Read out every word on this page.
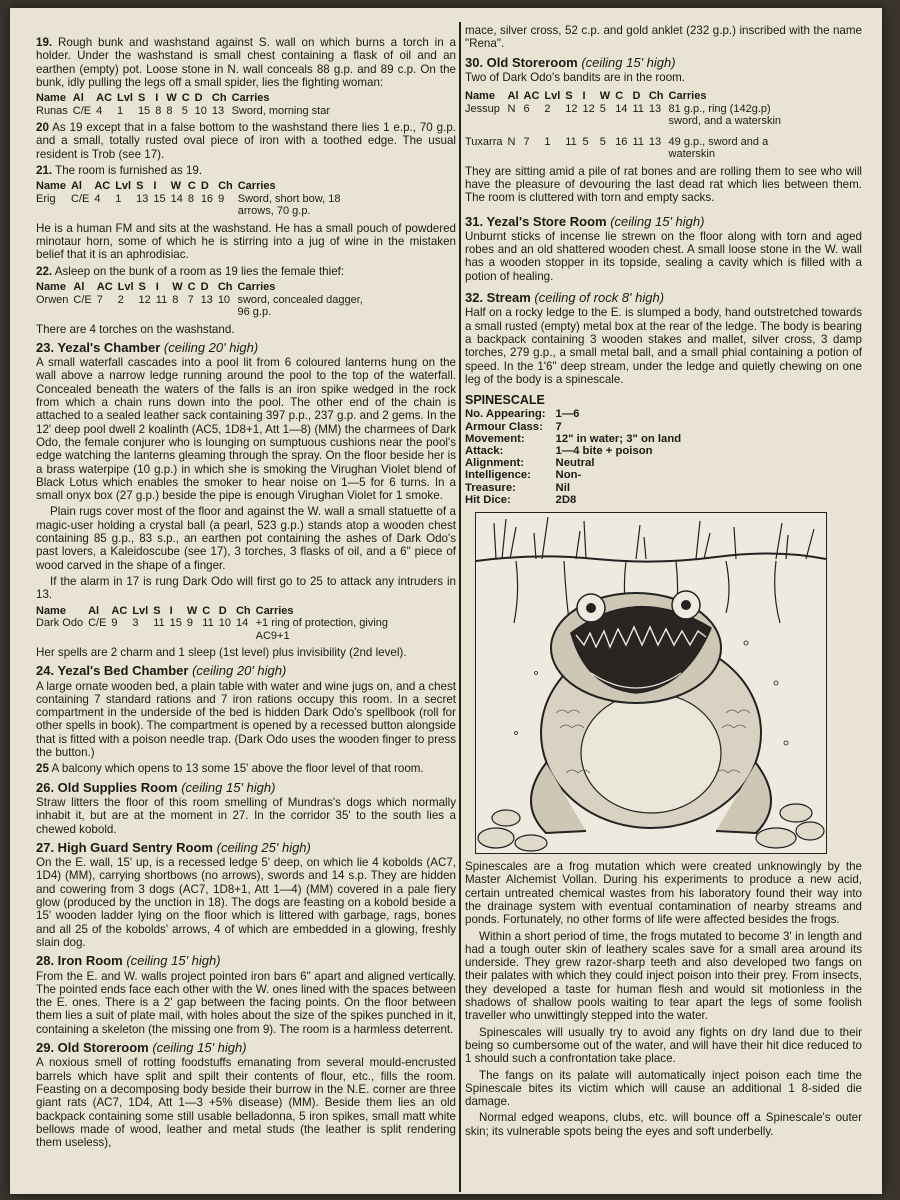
19. Rough bunk and washstand against S. wall on which burns a torch in a holder. Under the washstand is small chest containing a flask of oil and an earthen (empty) pot. Loose stone in N. wall conceals 88 g.p. and 89 c.p. On the bunk, idly pulling the legs off a small spider, lies the fighting woman:

Name	Al	AC	Lvl	S	I	W	C	D	Ch	Carries
Runas	C/E	4	1	15	8	8	5	10	13	Sword, morning star

20 As 19 except that in a false bottom to the washstand there lies 1 e.p., 70 g.p. and a small, totally rusted oval piece of iron with a toothed edge. The usual resident is Trob (see 17).

21. The room is furnished as 19.

Name	Al	AC	Lvl	S	I	W	C	D	Ch	Carries
Erig	C/E	4	1	13	15	14	8	16	9	Sword, short bow, 18 arrows, 70 g.p.

He is a human FM and sits at the washstand. He has a small pouch of powdered minotaur horn, some of which he is stirring into a jug of wine in the mistaken belief that it is an aphrodisiac.

22. Asleep on the bunk of a room as 19 lies the female thief:

Name	Al	AC	Lvl	S	I	W	C	D	Ch	Carries
Orwen	C/E	7	2	12	11	8	7	13	10	sword, concealed dagger, 96 g.p.

There are 4 torches on the washstand.

23. Yezal's Chamber (ceiling 20' high)

A small waterfall cascades into a pool lit from 6 coloured lanterns hung on the wall above a narrow ledge running around the pool to the top of the waterfall. Concealed beneath the waters of the falls is an iron spike wedged in the rock from which a chain runs down into the pool. The other end of the chain is attached to a sealed leather sack containing 397 p.p., 237 g.p. and 2 gems. In the 12' deep pool dwell 2 koalinth (AC5, 1D8+1, Att 1—8) (MM) the charmees of Dark Odo, the female conjurer who is lounging on sumptuous cushions near the pool's edge watching the lanterns gleaming through the spray. On the floor beside her is a brass waterpipe (10 g.p.) in which she is smoking the Virughan Violet blend of Black Lotus which enables the smoker to hear noise on 1—5 for 6 turns. In a small onyx box (27 g.p.) beside the pipe is enough Virughan Violet for 1 smoke.

Plain rugs cover most of the floor and against the W. wall a small statuette of a magic-user holding a crystal ball (a pearl, 523 g.p.) stands atop a wooden chest containing 85 g.p., 83 s.p., an earthen pot containing the ashes of Dark Odo's past lovers, a Kaleidoscube (see 17), 3 torches, 3 flasks of oil, and a 6" piece of wood carved in the shape of a finger.

If the alarm in 17 is rung Dark Odo will first go to 25 to attack any intruders in 13.

Name	Al	AC	Lvl	S	I	W	C	D	Ch	Carries
Dark Odo	C/E	9	3	11	15	9	11	10	14	+1 ring of protection, giving AC9+1

Her spells are 2 charm and 1 sleep (1st level) plus invisibility (2nd level).

24. Yezal's Bed Chamber (ceiling 20' high)

A large ornate wooden bed, a plain table with water and wine jugs on, and a chest containing 7 standard rations and 7 iron rations occupy this room. In a secret compartment in the underside of the bed is hidden Dark Odo's spellbook (roll for other spells in book). The compartment is opened by a recessed button alongside that is fitted with a poison needle trap. (Dark Odo uses the wooden finger to press the button.)

25 A balcony which opens to 13 some 15' above the floor level of that room.

26. Old Supplies Room (ceiling 15' high)

Straw litters the floor of this room smelling of Mundras's dogs which normally inhabit it, but are at the moment in 27. In the corridor 35' to the south lies a chewed kobold.

27. High Guard Sentry Room (ceiling 25' high)

On the E. wall, 15' up, is a recessed ledge 5' deep, on which lie 4 kobolds (AC7, 1D4) (MM), carrying shortbows (no arrows), swords and 14 s.p. They are hidden and cowering from 3 dogs (AC7, 1D8+1, Att 1—4) (MM) covered in a pale fiery glow (produced by the unction in 18). The dogs are feasting on a kobold beside a 15' wooden ladder lying on the floor which is littered with garbage, rags, bones and all 25 of the kobolds' arrows, 4 of which are embedded in a glowing, freshly slain dog.

28. Iron Room (ceiling 15' high)

From the E. and W. walls project pointed iron bars 6" apart and aligned vertically. The pointed ends face each other with the W. ones lined with the spaces between the E. ones. There is a 2' gap between the facing points. On the floor between them lies a suit of plate mail, with holes about the size of the spikes punched in it, containing a skeleton (the missing one from 9). The room is a harmless deterrent.

29. Old Storeroom (ceiling 15' high)

A noxious smell of rotting foodstuffs emanating from several mould-encrusted barrels which have split and spilt their contents of flour, etc., fills the room. Feasting on a decomposing body beside their burrow in the N.E. corner are three giant rats (AC7, 1D4, Att 1—3 +5% disease) (MM). Beside them lies an old backpack containing some still usable belladonna, 5 iron spikes, small matt white bellows made of wood, leather and metal studs (the leather is split rendering them useless),

mace, silver cross, 52 c.p. and gold anklet (232 g.p.) inscribed with the name "Rena".

30. Old Storeroom (ceiling 15' high)

Two of Dark Odo's bandits are in the room.

Name	Al	AC	Lvl	S	I	W	C	D	Ch	Carries
Jessup	N	6	2	12	12	5	14	11	13	81 g.p., ring (142g.p) sword, and a waterskin
Tuxarra	N	7	1	11	5	5	16	11	13	49 g.p., sword and a waterskin

They are sitting amid a pile of rat bones and are rolling them to see who will have the pleasure of devouring the last dead rat which lies between them. The room is cluttered with torn and empty sacks.

31. Yezal's Store Room (ceiling 15' high)

Unburnt sticks of incense lie strewn on the floor along with torn and aged robes and an old shattered wooden chest. A small loose stone in the W. wall has a wooden stopper in its topside, sealing a cavity which is filled with a potion of healing.

32. Stream (ceiling of rock 8' high)

Half on a rocky ledge to the E. is slumped a body, hand outstretched towards a small rusted (empty) metal box at the rear of the ledge. The body is bearing a backpack containing 3 wooden stakes and mallet, silver cross, 3 damp torches, 279 g.p., a small metal ball, and a small phial containing a potion of speed. In the 1'6" deep stream, under the ledge and quietly chewing on one leg of the body is a spinescale.

SPINESCALE
No. Appearing:	1—6
Armour Class:	7
Movement:	12" in water; 3" on land
Attack:	1—4 bite + poison
Alignment:	Neutral
Intelligence:	Non-
Treasure:	Nil
Hit Dice:	2D8

Spinescales are a frog mutation which were created unknowingly by the Master Alchemist Vollan. During his experiments to produce a new acid, certain untreated chemical wastes from his laboratory found their way into the drainage system with eventual contamination of nearby streams and ponds. Fortunately, no other forms of life were affected besides the frogs.

Within a short period of time, the frogs mutated to become 3' in length and had a tough outer skin of leathery scales save for a small area around its underside. They grew razor-sharp teeth and also developed two fangs on their palates with which they could inject poison into their prey. From insects, they developed a taste for human flesh and would sit motionless in the shadows of shallow pools waiting to tear apart the legs of some foolish traveller who unwittingly stepped into the water.

Spinescales will usually try to avoid any fights on dry land due to their being so cumbersome out of the water, and will have their hit dice reduced to 1 should such a confrontation take place.

The fangs on its palate will automatically inject poison each time the Spinescale bites its victim which will cause an additional 1 8-sided die damage.

Normal edged weapons, clubs, etc. will bounce off a Spinescale's outer skin; its vulnerable spots being the eyes and soft underbelly.
